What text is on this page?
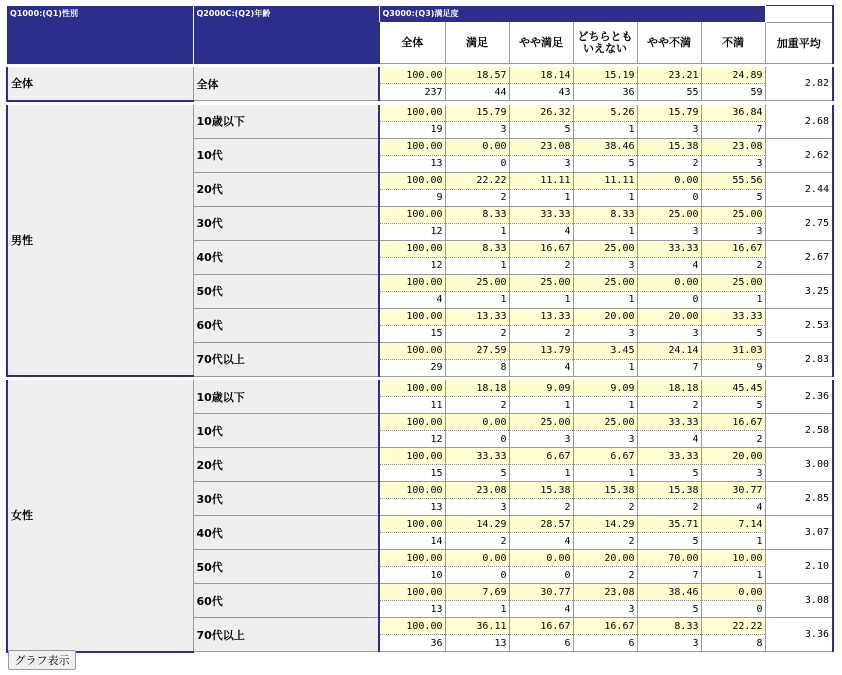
Q1000:(Q1)性別	Q2000C:(Q2)年齢	Q3000:(Q3)満足度						
		全体	満足	やや満足	どちらともいえない	やや不満	不満	加重平均

全体	全体	100.00	18.57	18.14	15.19	23.21	24.89	2.82
		237	44	43	36	55	59	

男性	10歳以下	100.00	15.79	26.32	5.26	15.79	36.84	2.68
		19	3	5	1	3	7	
	10代	100.00	0.00	23.08	38.46	15.38	23.08	2.62
		13	0	3	5	2	3	
	20代	100.00	22.22	11.11	11.11	0.00	55.56	2.44
		9	2	1	1	0	5	
	30代	100.00	8.33	33.33	8.33	25.00	25.00	2.75
		12	1	4	1	3	3	
	40代	100.00	8.33	16.67	25.00	33.33	16.67	2.67
		12	1	2	3	4	2	
	50代	100.00	25.00	25.00	25.00	0.00	25.00	3.25
		4	1	1	1	0	1	
	60代	100.00	13.33	13.33	20.00	20.00	33.33	2.53
		15	2	2	3	3	5	
	70代以上	100.00	27.59	13.79	3.45	24.14	31.03	2.83
		29	8	4	1	7	9	

女性	10歳以下	100.00	18.18	9.09	9.09	18.18	45.45	2.36
		11	2	1	1	2	5	
	10代	100.00	0.00	25.00	25.00	33.33	16.67	2.58
		12	0	3	3	4	2	
	20代	100.00	33.33	6.67	6.67	33.33	20.00	3.00
		15	5	1	1	5	3	
	30代	100.00	23.08	15.38	15.38	15.38	30.77	2.85
		13	3	2	2	2	4	
	40代	100.00	14.29	28.57	14.29	35.71	7.14	3.07
		14	2	4	2	5	1	
	50代	100.00	0.00	0.00	20.00	70.00	10.00	2.10
		10	0	0	2	7	1	
	60代	100.00	7.69	30.77	23.08	38.46	0.00	3.08
		13	1	4	3	5	0	
	70代以上	100.00	36.11	16.67	16.67	8.33	22.22	3.36
		36	13	6	6	3	8	
グラフ表示
